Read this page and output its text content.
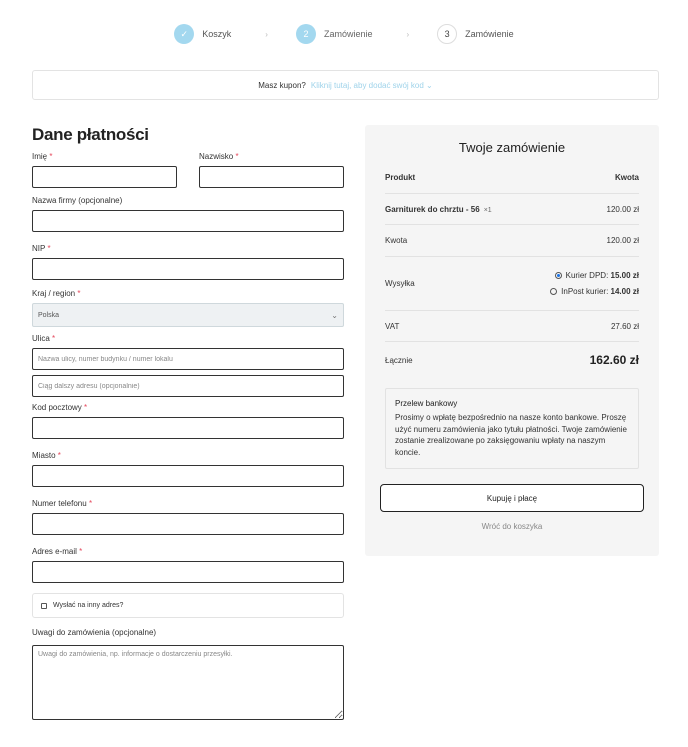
✓	Koszyk	›	2	Zamówienie	›	3	Zamówienie
Masz kupon? Kliknij tutaj, aby dodać swój kod ⌄
Dane płatności
Imię *	Nazwisko *
Nazwa firmy (opcjonalne)
NIP *
Kraj / region *
Polska	⌄
Ulica *
Nazwa ulicy, numer budynku / numer lokalu
Ciąg dalszy adresu (opcjonalnie)
Kod pocztowy *
Miasto *
Numer telefonu *
Adres e-mail *
Wysłać na inny adres?
Uwagi do zamówienia (opcjonalne)
Uwagi do zamówienia, np. informacje o dostarczeniu przesyłki.
Twoje zamówienie
Produkt	Kwota
Garniturek do chrztu - 56 ×1	120.00 zł
Kwota	120.00 zł
Wysyłka
Kurier DPD:
15.00 zł
InPost kurier:
14.00 zł
VAT	27.60 zł
Łącznie	162.60 zł
Przelew bankowy
Prosimy o wpłatę bezpośrednio na nasze konto bankowe. Proszę użyć numeru zamówienia jako tytułu płatności. Twoje zamówienie zostanie zrealizowane po zaksięgowaniu wpłaty na naszym koncie.
Kupuję i płacę
Wróć do koszyka
